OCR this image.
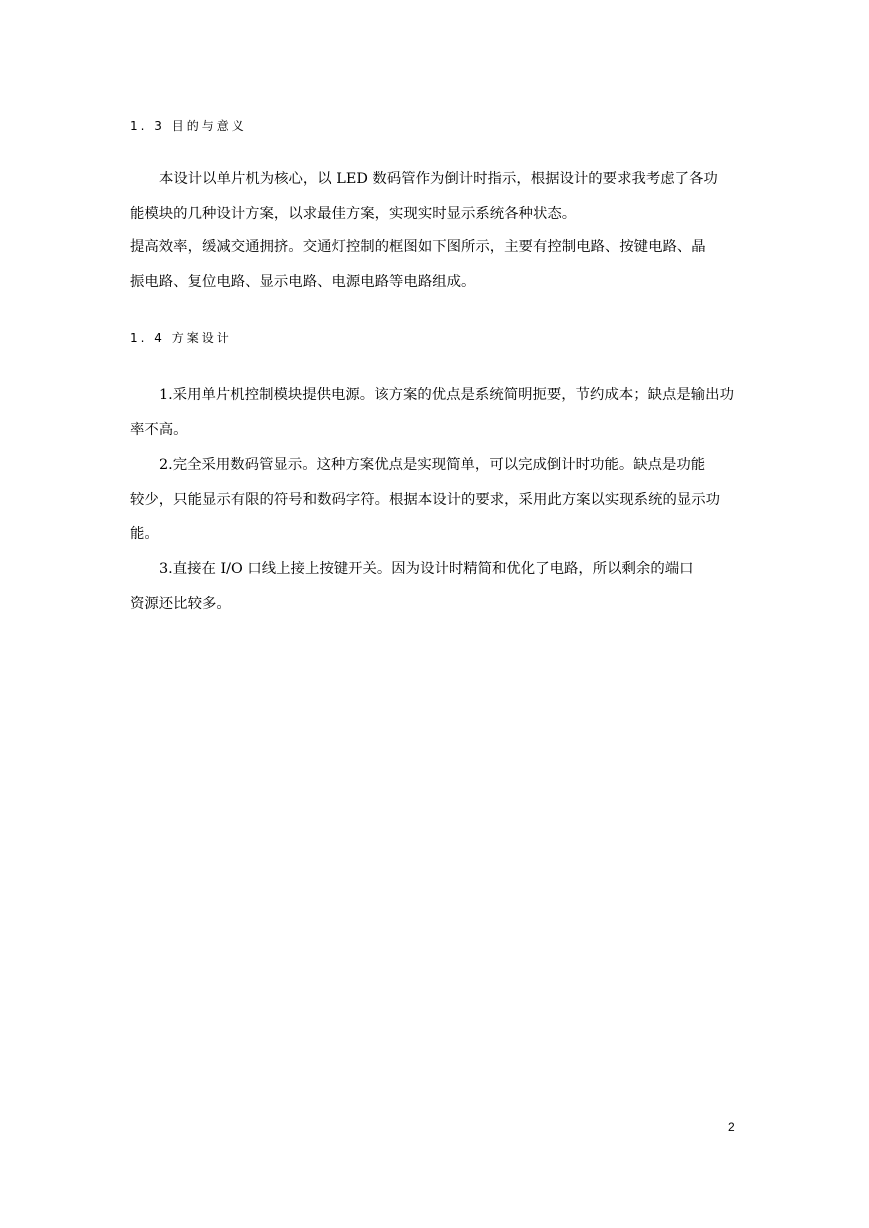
1. 3 目的与意义
本设计以单片机为核心，以 LED 数码管作为倒计时指示，根据设计的要求我考虑了各功
能模块的几种设计方案，以求最佳方案，实现实时显示系统各种状态。
提高效率，缓减交通拥挤。交通灯控制的框图如下图所示，主要有控制电路、按键电路、晶
振电路、复位电路、显示电路、电源电路等电路组成。
1. 4 方案设计
1.采用单片机控制模块提供电源。该方案的优点是系统简明扼要，节约成本；缺点是输出功
率不高。
2.完全采用数码管显示。这种方案优点是实现简单，可以完成倒计时功能。缺点是功能
较少，只能显示有限的符号和数码字符。根据本设计的要求，采用此方案以实现系统的显示功
能。
3.直接在 I/O 口线上接上按键开关。因为设计时精简和优化了电路，所以剩余的端口
资源还比较多。
2
